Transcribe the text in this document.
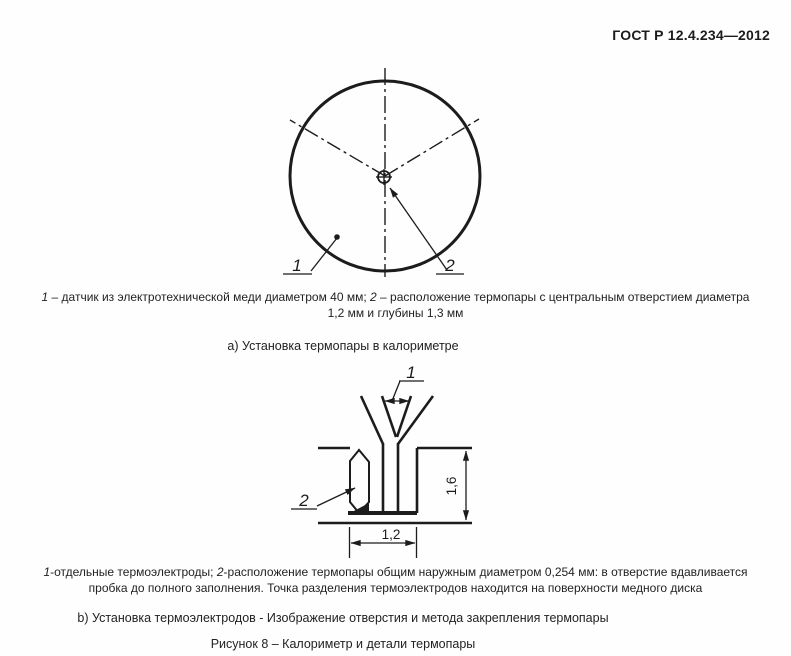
ГОСТ Р 12.4.234—2012
1	2
1
2
1,6
1,2
1 – датчик из электротехнической меди диаметром 40 мм; 2 – расположение термопары с центральным отверстием диаметра
1,2 мм и глубины 1,3 мм
а) Установка термопары в калориметре
1-отдельные термоэлектроды; 2-расположение термопары общим наружным диаметром 0,254 мм: в отверстие вдавливается
пробка до полного заполнения. Точка разделения термоэлектродов находится на поверхности медного диска
b) Установка термоэлектродов - Изображение отверстия и метода закрепления термопары
Рисунок 8 – Калориметр и детали термопары
